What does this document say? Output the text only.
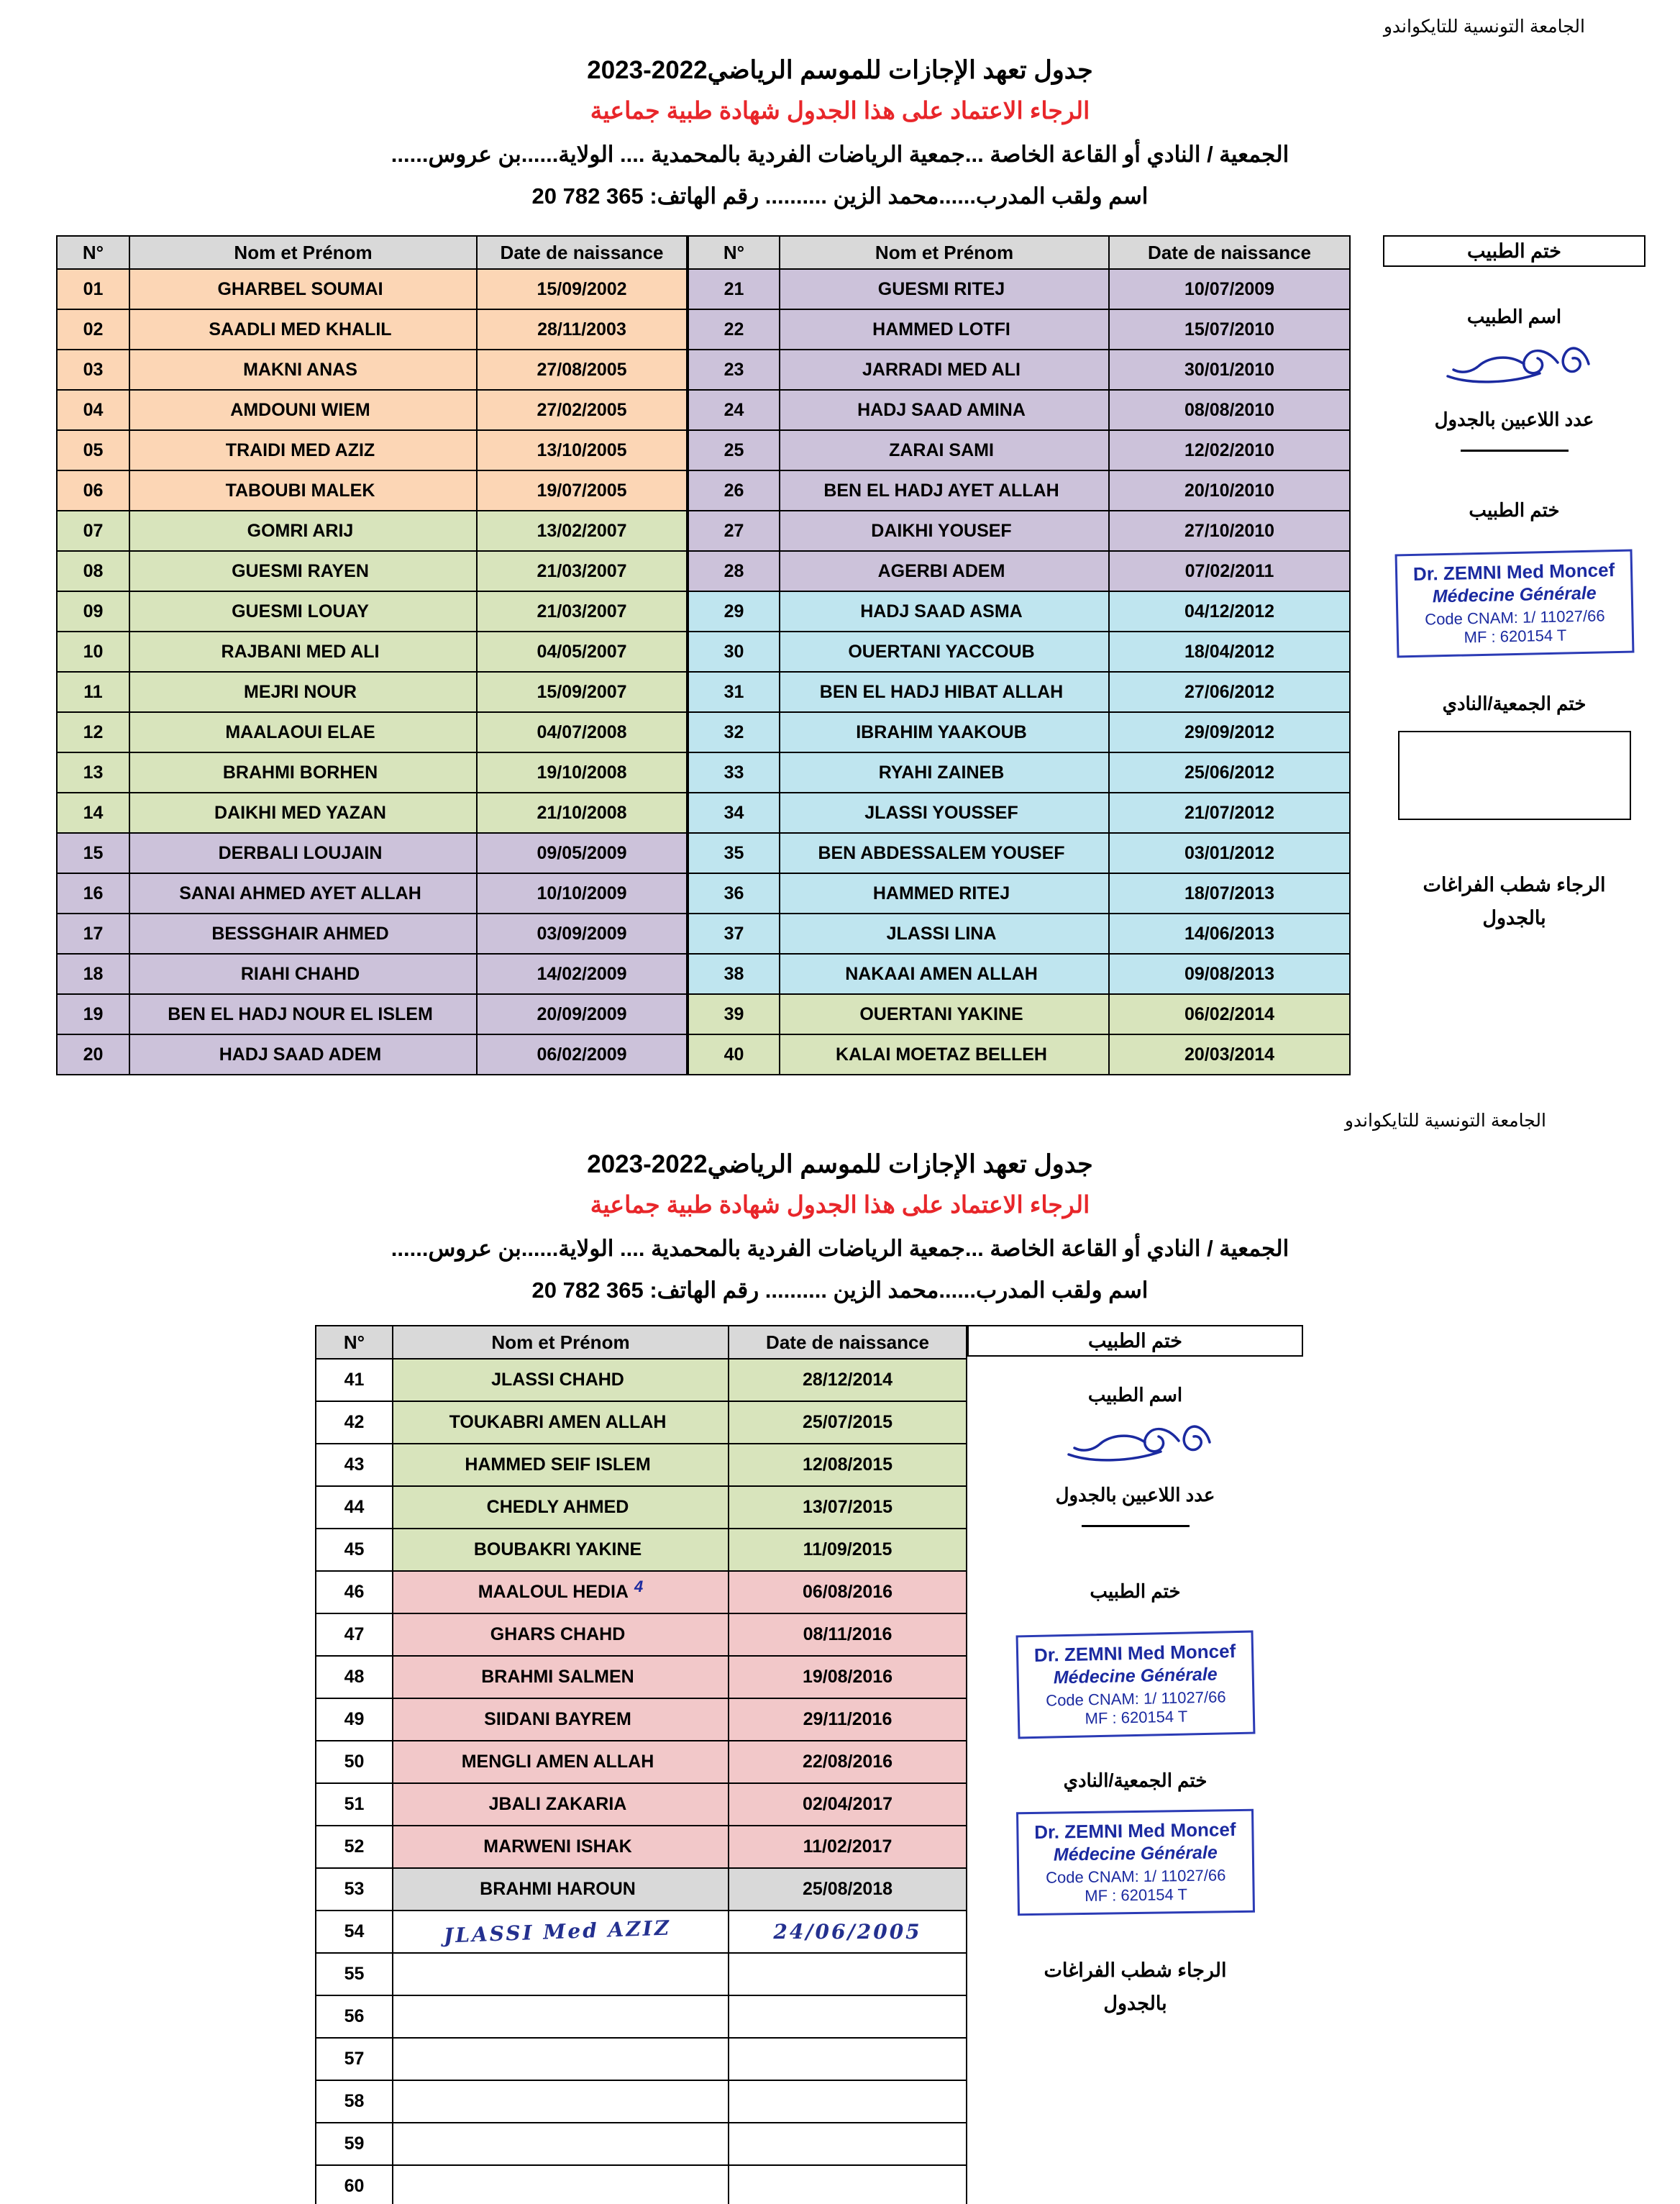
الجامعة التونسية للتايكواندو
جدول تعهد الإجازات للموسم الرياضي2022-2023
الرجاء الاعتماد على هذا الجدول شهادة طبية جماعية
الجمعية / النادي أو القاعة الخاصة ...جمعية الرياضات الفردية بالمحمدية .... الولاية......بن عروس......
اسم ولقب المدرب......محمد الزين .......... رقم الهاتف: 20 782 365
N°	Nom et Prénom	Date de naissance
01	GHARBEL SOUMAI	15/09/2002
02	SAADLI MED KHALIL	28/11/2003
03	MAKNI ANAS	27/08/2005
04	AMDOUNI WIEM	27/02/2005
05	TRAIDI MED AZIZ	13/10/2005
06	TABOUBI MALEK	19/07/2005
07	GOMRI ARIJ	13/02/2007
08	GUESMI RAYEN	21/03/2007
09	GUESMI LOUAY	21/03/2007
10	RAJBANI MED ALI	04/05/2007
11	MEJRI NOUR	15/09/2007
12	MAALAOUI ELAE	04/07/2008
13	BRAHMI BORHEN	19/10/2008
14	DAIKHI MED YAZAN	21/10/2008
15	DERBALI LOUJAIN	09/05/2009
16	SANAI AHMED AYET ALLAH	10/10/2009
17	BESSGHAIR AHMED	03/09/2009
18	RIAHI CHAHD	14/02/2009
19	BEN EL HADJ NOUR EL ISLEM	20/09/2009
20	HADJ SAAD ADEM	06/02/2009
N°	Nom et Prénom	Date de naissance
21	GUESMI RITEJ	10/07/2009
22	HAMMED LOTFI	15/07/2010
23	JARRADI MED ALI	30/01/2010
24	HADJ SAAD AMINA	08/08/2010
25	ZARAI SAMI	12/02/2010
26	BEN EL HADJ AYET ALLAH	20/10/2010
27	DAIKHI YOUSEF	27/10/2010
28	AGERBI ADEM	07/02/2011
29	HADJ SAAD ASMA	04/12/2012
30	OUERTANI YACCOUB	18/04/2012
31	BEN EL HADJ HIBAT ALLAH	27/06/2012
32	IBRAHIM YAAKOUB	29/09/2012
33	RYAHI ZAINEB	25/06/2012
34	JLASSI YOUSSEF	21/07/2012
35	BEN ABDESSALEM YOUSEF	03/01/2012
36	HAMMED RITEJ	18/07/2013
37	JLASSI LINA	14/06/2013
38	NAKAAI AMEN ALLAH	09/08/2013
39	OUERTANI YAKINE	06/02/2014
40	KALAI MOETAZ BELLEH	20/03/2014
ختم الطبيب
اسم الطبيب
عدد اللاعبين بالجدول
ختم الطبيب
Dr. ZEMNI Med Moncef
Médecine Générale
Code CNAM: 1/ 11027/66
MF : 620154 T
ختم الجمعية/النادي
الرجاء شطب الفراغات بالجدول
الجامعة التونسية للتايكواندو
جدول تعهد الإجازات للموسم الرياضي2022-2023
الرجاء الاعتماد على هذا الجدول شهادة طبية جماعية
الجمعية / النادي أو القاعة الخاصة ...جمعية الرياضات الفردية بالمحمدية .... الولاية......بن عروس......
اسم ولقب المدرب......محمد الزين .......... رقم الهاتف: 20 782 365
N°	Nom et Prénom	Date de naissance
41	JLASSI CHAHD	28/12/2014
42	TOUKABRI AMEN ALLAH	25/07/2015
43	HAMMED SEIF ISLEM	12/08/2015
44	CHEDLY AHMED	13/07/2015
45	BOUBAKRI YAKINE	11/09/2015
46	MAALOUL HEDIA 4	06/08/2016
47	GHARS CHAHD	08/11/2016
48	BRAHMI SALMEN	19/08/2016
49	SIIDANI BAYREM	29/11/2016
50	MENGLI AMEN ALLAH	22/08/2016
51	JBALI ZAKARIA	02/04/2017
52	MARWENI ISHAK	11/02/2017
53	BRAHMI HAROUN	25/08/2018
54	JLASSI Med AZIZ	24/06/2005
55		
56		
57		
58		
59		
60		
ختم الطبيب
اسم الطبيب
عدد اللاعبين بالجدول
ختم الطبيب
Dr. ZEMNI Med Moncef
Médecine Générale
Code CNAM: 1/ 11027/66
MF : 620154 T
ختم الجمعية/النادي
Dr. ZEMNI Med Moncef
Médecine Générale
Code CNAM: 1/ 11027/66
MF : 620154 T
الرجاء شطب الفراغات بالجدول
